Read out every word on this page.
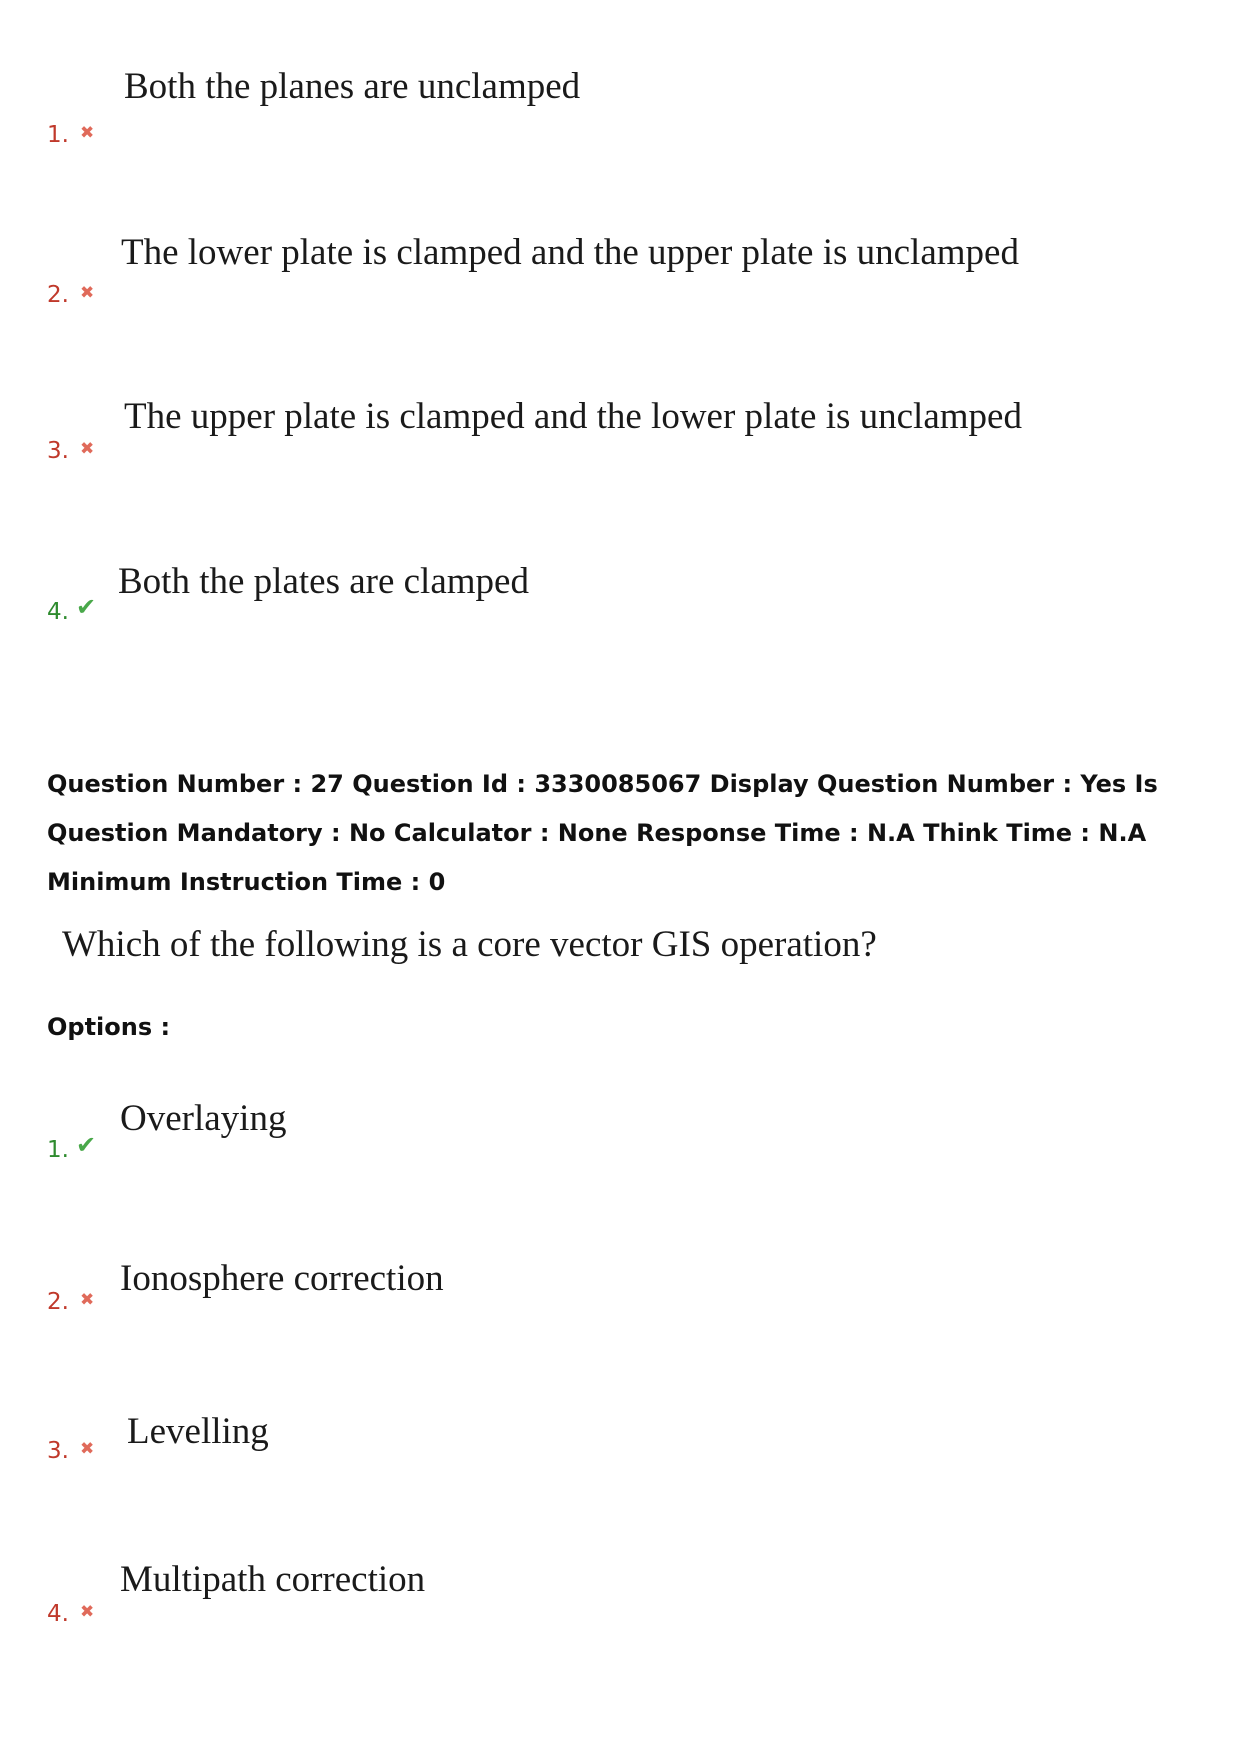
Both the planes are unclamped
1. ✖
The lower plate is clamped and the upper plate is unclamped
2. ✖
The upper plate is clamped and the lower plate is unclamped
3. ✖
Both the plates are clamped
4. ✔
Question Number : 27 Question Id : 3330085067 Display Question Number : Yes Is Question Mandatory : No Calculator : None Response Time : N.A Think Time : N.A Minimum Instruction Time : 0
Which of the following is a core vector GIS operation?
Options :
Overlaying
1. ✔
Ionosphere correction
2. ✖
Levelling
3. ✖
Multipath correction
4. ✖
